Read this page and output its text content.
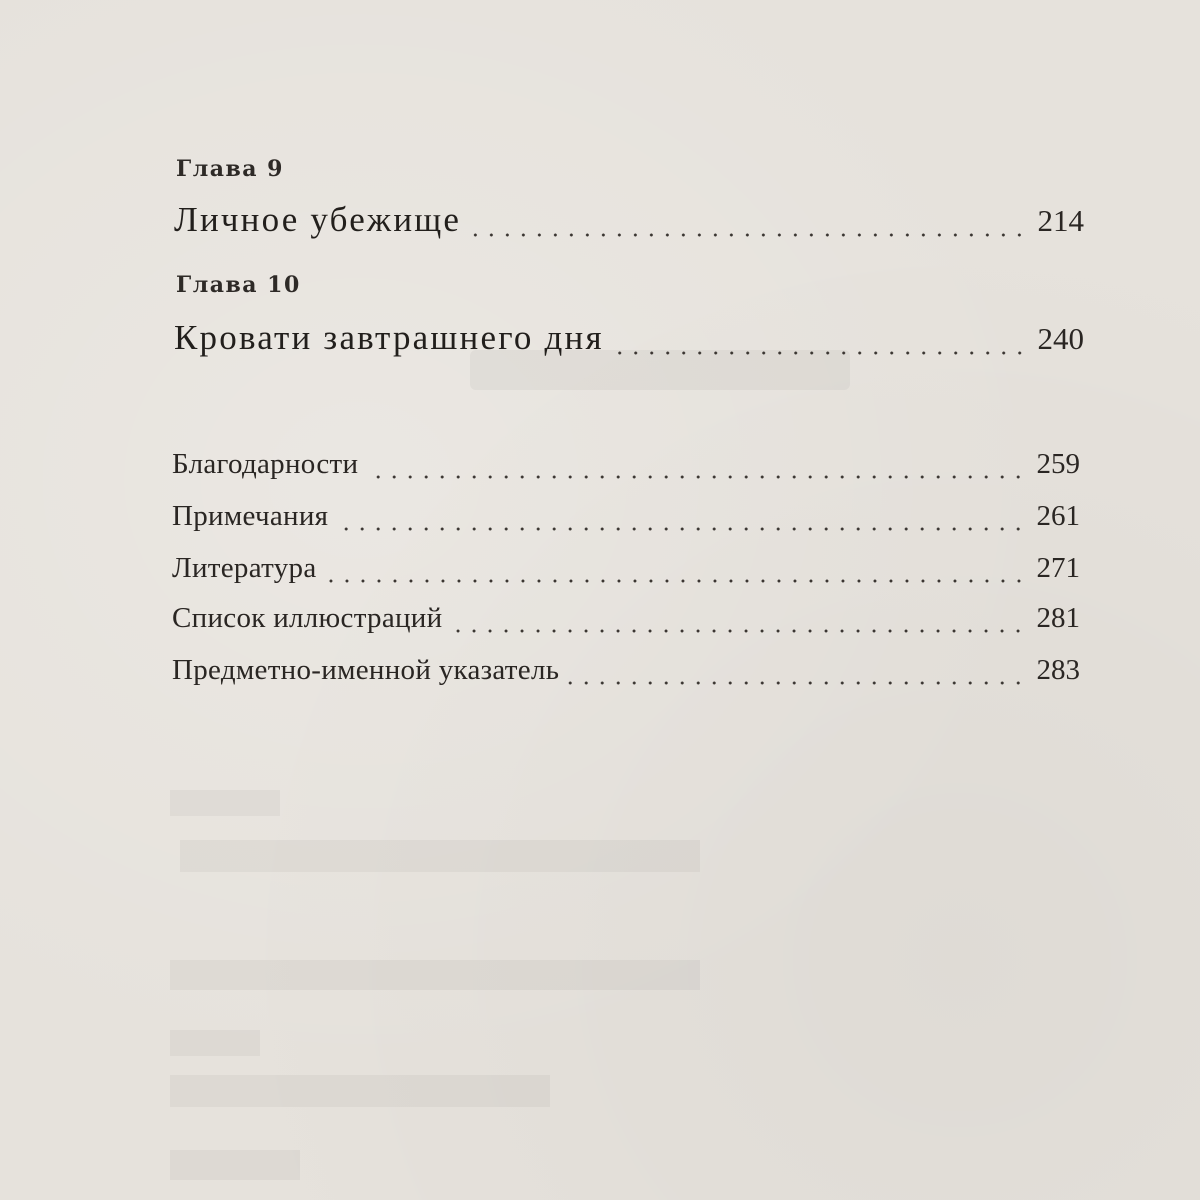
Глава 9
Личное убежище	214
Глава 10
Кровати завтрашнего дня	240
Благодарности	259
Примечания	261
Литература	271
Список иллюстраций	281
Предметно-именной указатель	283
